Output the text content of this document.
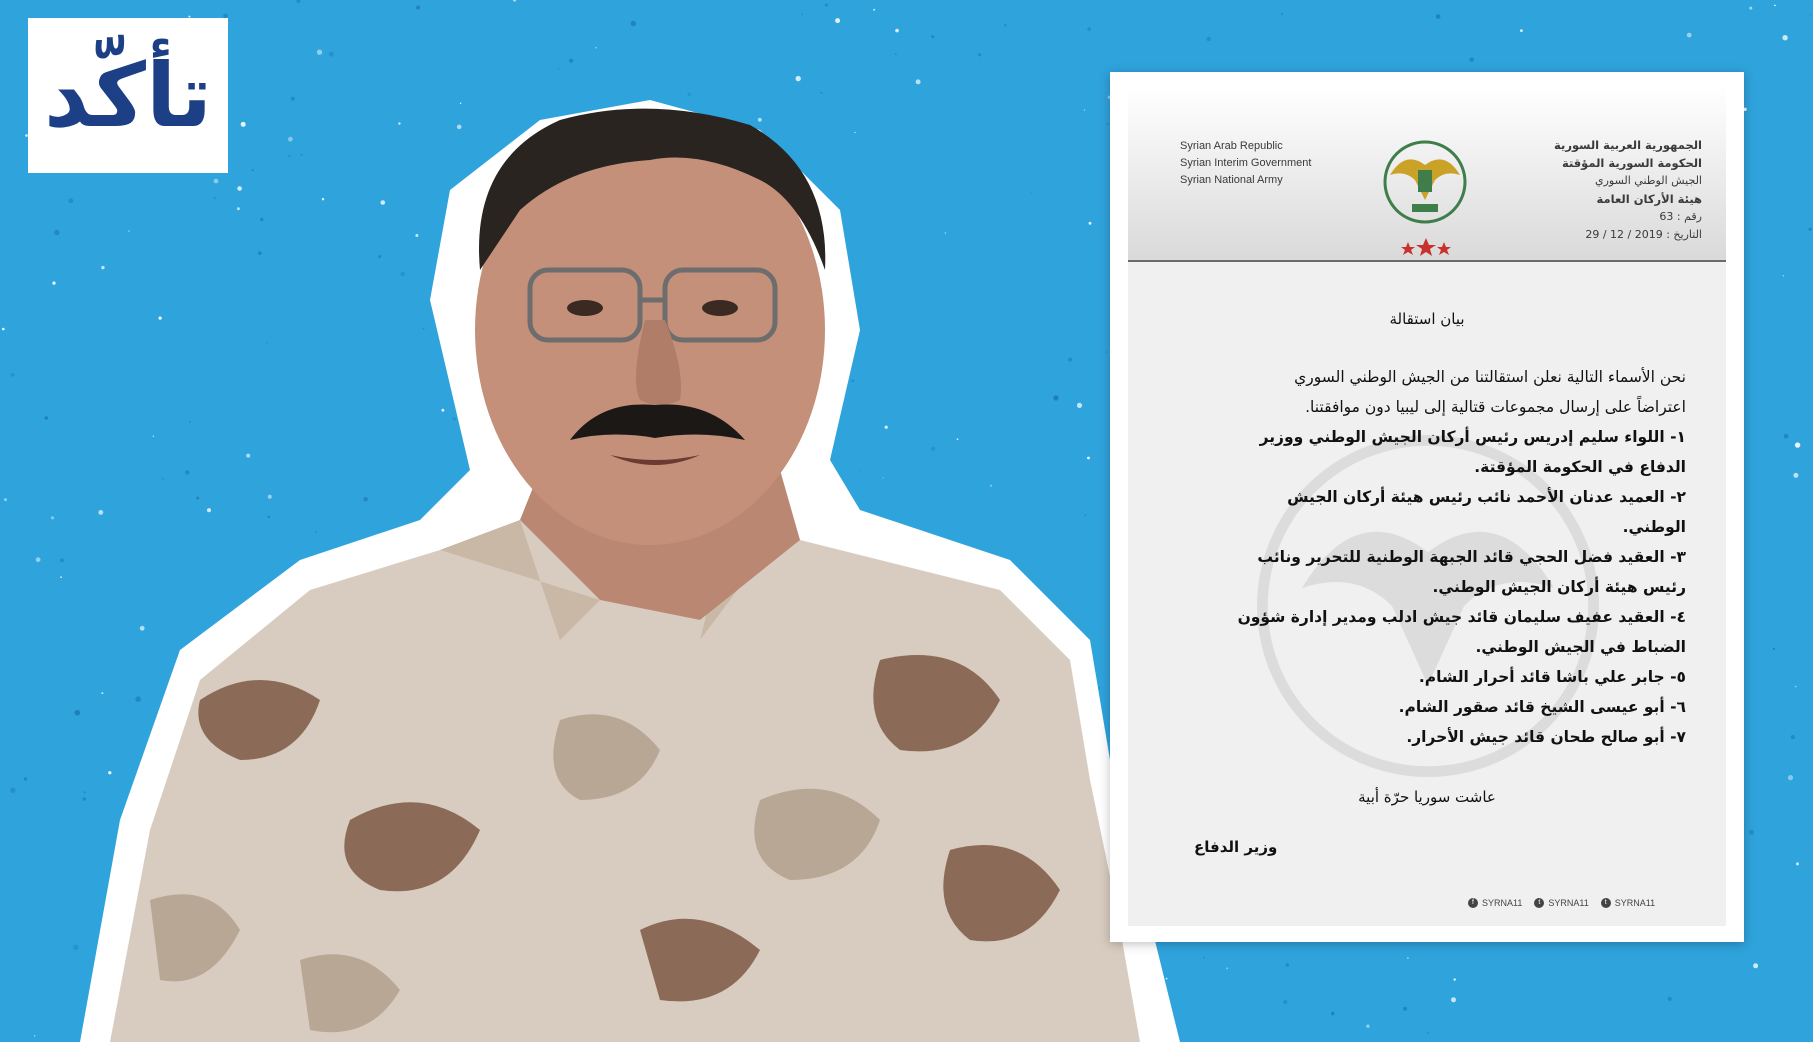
تأكّد	Syrian Arab Republic
Syrian Interim Government
Syrian National Army
الجمهورية العربية السورية
الحكومة السورية المؤقتة
الجيش الوطني السوري
هيئة الأركان العامة
رقم : 63
التاريخ : 2019 / 12 / 29
بيان استقالة

نحن الأسماء التالية نعلن استقالتنا من الجيش الوطني السوري

اعتراضاً على إرسال مجموعات قتالية إلى ليبيا دون موافقتنا.

١- اللواء سليم إدريس رئيس أركان الجيش الوطني ووزير

الدفاع في الحكومة المؤقتة.

٢- العميد عدنان الأحمد نائب رئيس هيئة أركان الجيش

الوطني.

٣- العقيد فضل الحجي قائد الجبهة الوطنية للتحرير ونائب

رئيس هيئة أركان الجيش الوطني.

٤- العقيد عفيف سليمان قائد جيش ادلب ومدير إدارة شؤون

الضباط في الجيش الوطني.

٥- جابر علي باشا قائد أحرار الشام.

٦- أبو عيسى الشيخ قائد صقور الشام.

٧- أبو صالح طحان قائد جيش الأحرار.

عاشت سوريا حرّة أبية
وزير الدفاع
f SYRNA11	t SYRNA11	t SYRNA11
